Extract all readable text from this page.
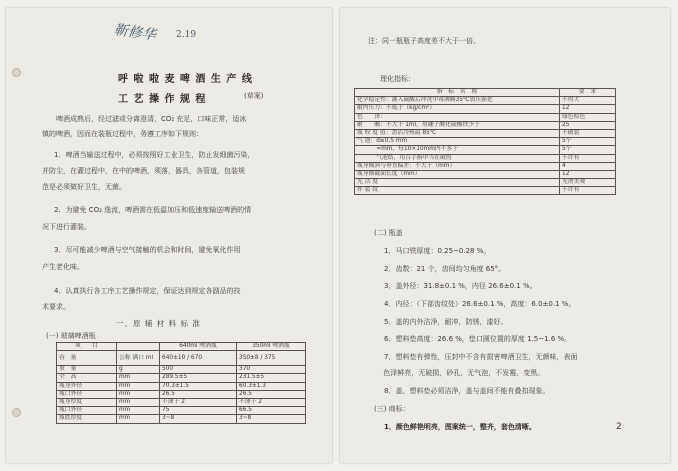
靳修华 2.19
呼 啦 啦 麦 啤 酒 生 产 线
工 艺 操 作 规 程	(草案)
啤酒成熟后，经过滤或分离澄清，CO₂ 充足，口味正常，适冰
镇的啤酒，因而在装瓶过程中，务遵工序如下规则：
1．啤酒当输送过程中，必须按照好工业卫生，防止发细菌污染，
并防尘，在灌过程中，在中的啤酒，须落，器具，各管道，包装规
范是必须做好卫生，无菌。
2．为避免 CO₂ 逸流，啤酒需在低温加压和低速度输送啤酒的情
况下进行灌装。
3．尽可能减少啤酒与空气接触的机会和时间，避免氧化作用
产生老化味。
4．认真执行各工序工艺操作规定，保证达到规定各副品的技
术要求。
一、原 辅 材 料 标 准
(一) 玻璃啤酒瓶
项　　目		640ml 啤酒瓶	350ml 啤酒瓶
容　量	公称 满口 ml	640±10 / 670	350±8 / 375
重　量	g	500	370
全　高	mm	289.5±5	231.5±5
瓶身外径	mm	70.3±1.5	60.3±1.3
瓶口外径	mm	26.5	26.5
瓶身厚度	mm	不薄于 2	不薄于 2
瓶口外径	mm	75	66.5
瓶底厚度	mm	3~8	3~8
注：同一瓶瓶子高度差不大于一倍。
理化指标：
指　标　名　称	要　求
化学稳定性：灌入硫酸后冲洗中毒沸腾35℃加压强化	不得大
耐内压力：不低于（kg/cm²）	12
色　　泽：	绿色棕色
耐　　酸：不大于 1ml，用硼子酸化硫酸铁少于	25
瓶 权 度 值：盖沾冷热温 85℃	不破裂
气 泡：d≥0.5 mm	5个
　　　 ≈mm，每10×10mm内不多于	5个
　　　 气泡结，用百手指甲当在破的	不许有
瓶身倾斜与垂直偏差：不大于（mm）	4
瓶身横截面长度（mm）	12
光 洁 度	光滑美观
炸 裂 纹	不许有
(二) 瓶盖
1．马口铁厚度：0.25~0.28 %。
2．齿数：21 个，齿间均匀角度 65°。
3．盖外径：31.8±0.1 %，内径 26.6±0.1 %。
4．内径：（下部齿纹处）26.6±0.1 %，高度：6.0±0.1 %。
5．盖的内外洁净，耐冲，防锈，漆好。
6．塑料垫高度：26.6 %，垫口圆位置的厚度 1.5~1.6 %。
7．塑料垫有弹性，压封中不含有损害啤酒卫生，无颜味，表面
　 色泽鲜亮，无破损，砂孔，无气泡，不发霉，变黑。
8．盖、塑料垫必须洁净，盖与盖间不能有叠扣现象。
(三) 商标：
1．颜色鲜艳明亮，图案统一，整齐，套色清晰。	2
